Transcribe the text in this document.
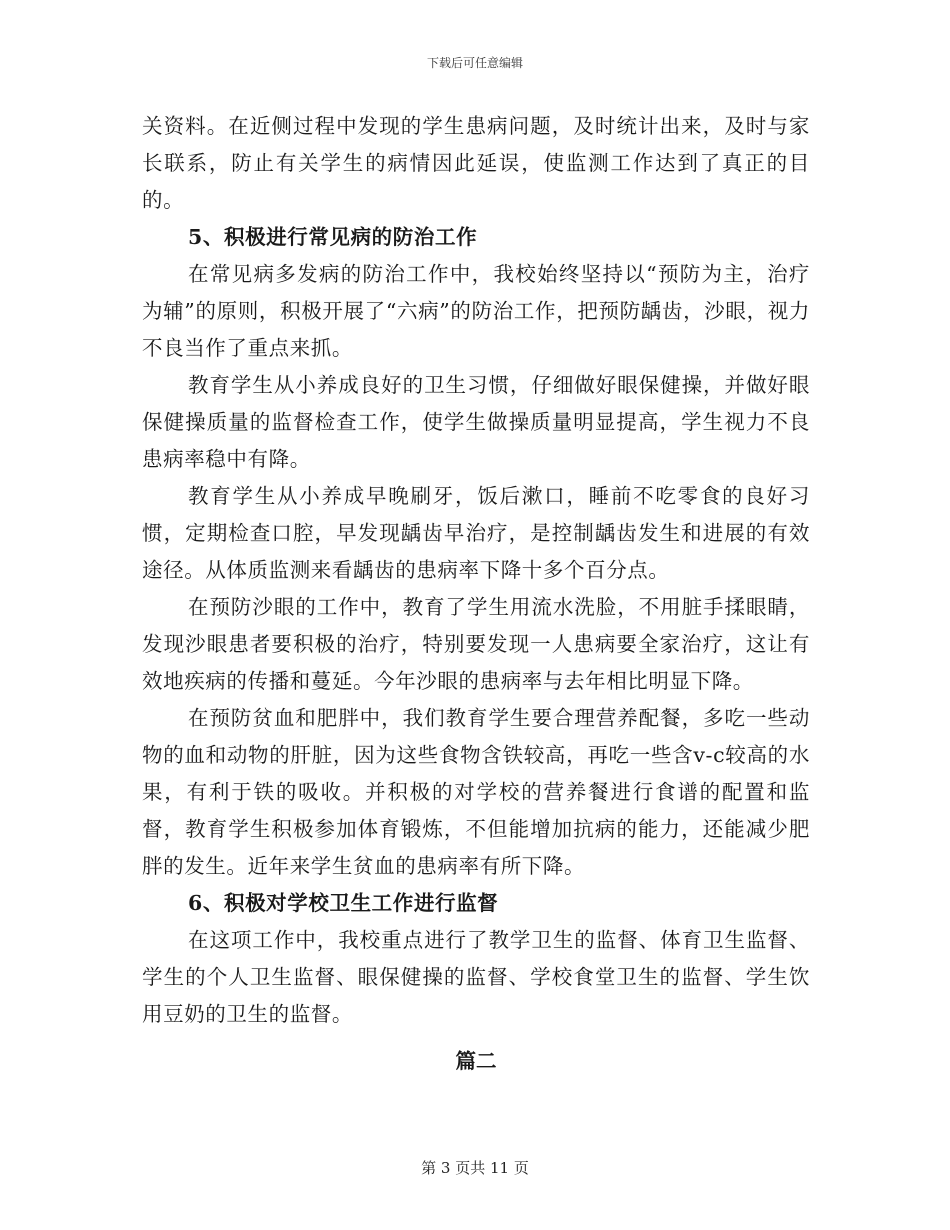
下载后可任意编辑

关资料。在近侧过程中发现的学生患病问题，及时统计出来，及时与家长联系，防止有关学生的病情因此延误，使监测工作达到了真正的目的。

5、积极进行常见病的防治工作

在常见病多发病的防治工作中，我校始终坚持以“预防为主，治疗为辅”的原则，积极开展了“六病”的防治工作，把预防龋齿，沙眼，视力不良当作了重点来抓。

教育学生从小养成良好的卫生习惯，仔细做好眼保健操，并做好眼保健操质量的监督检查工作，使学生做操质量明显提高，学生视力不良患病率稳中有降。

教育学生从小养成早晚刷牙，饭后漱口，睡前不吃零食的良好习惯，定期检查口腔，早发现龋齿早治疗，是控制龋齿发生和进展的有效途径。从体质监测来看龋齿的患病率下降十多个百分点。

在预防沙眼的工作中，教育了学生用流水洗脸，不用脏手揉眼睛，发现沙眼患者要积极的治疗，特别要发现一人患病要全家治疗，这让有效地疾病的传播和蔓延。今年沙眼的患病率与去年相比明显下降。

在预防贫血和肥胖中，我们教育学生要合理营养配餐，多吃一些动物的血和动物的肝脏，因为这些食物含铁较高，再吃一些含v-c较高的水果，有利于铁的吸收。并积极的对学校的营养餐进行食谱的配置和监督，教育学生积极参加体育锻炼，不但能增加抗病的能力，还能减少肥胖的发生。近年来学生贫血的患病率有所下降。

6、积极对学校卫生工作进行监督

在这项工作中，我校重点进行了教学卫生的监督、体育卫生监督、学生的个人卫生监督、眼保健操的监督、学校食堂卫生的监督、学生饮用豆奶的卫生的监督。

篇二

第 3 页共 11 页
